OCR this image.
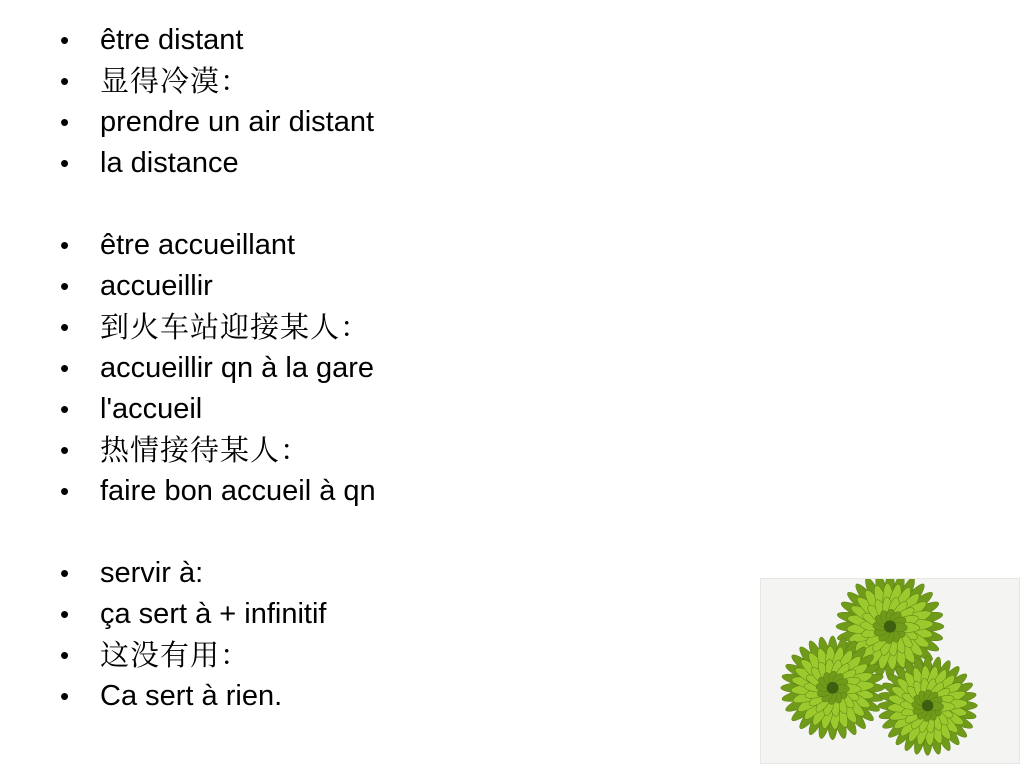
•	être distant
•	显得冷漠：
•	prendre un air distant
•	la distance
•	être accueillant
•	accueillir
•	到火车站迎接某人：
•	accueillir qn à la gare
•	l'accueil
•	热情接待某人：
•	faire bon accueil à qn
•	servir à:
•	ça sert à + infinitif
•	这没有用：
•	Ca sert à rien.
